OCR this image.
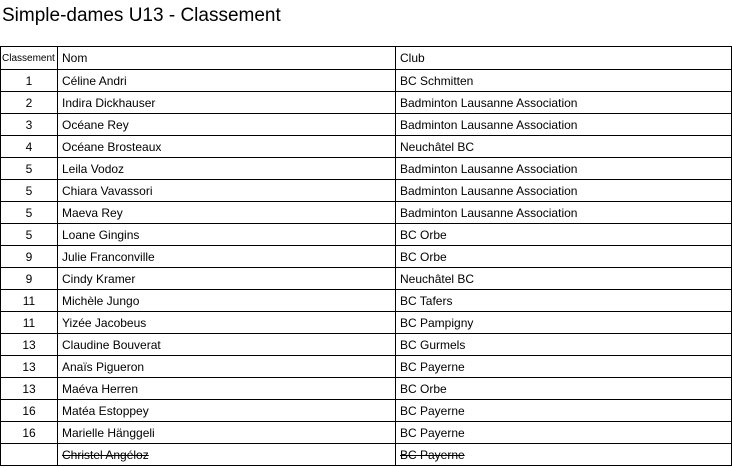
Simple-dames U13 - Classement
Classement	Nom	Club
1	Céline Andri	BC Schmitten
2	Indira Dickhauser	Badminton Lausanne Association
3	Océane Rey	Badminton Lausanne Association
4	Océane Brosteaux	Neuchâtel BC
5	Leila Vodoz	Badminton Lausanne Association
5	Chiara Vavassori	Badminton Lausanne Association
5	Maeva Rey	Badminton Lausanne Association
5	Loane Gingins	BC Orbe
9	Julie Franconville	BC Orbe
9	Cindy Kramer	Neuchâtel BC
11	Michèle Jungo	BC Tafers
11	Yizée Jacobeus	BC Pampigny
13	Claudine Bouverat	BC Gurmels
13	Anaïs Pigueron	BC Payerne
13	Maéva Herren	BC Orbe
16	Matéa Estoppey	BC Payerne
16	Marielle Hänggeli	BC Payerne
	Christel Angéloz	BC Payerne
